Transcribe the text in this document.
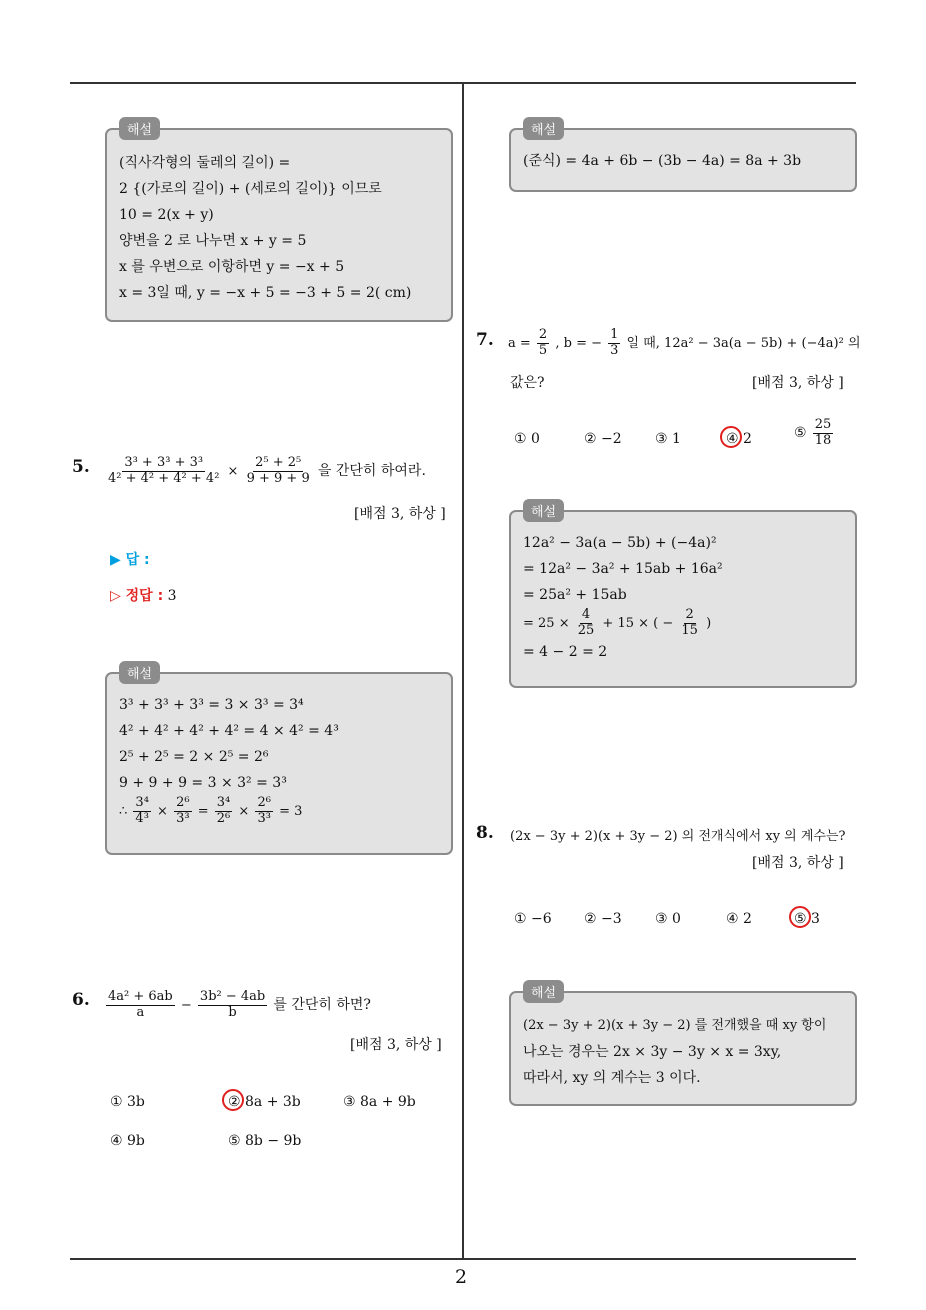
2
해설
(직사각형의 둘레의 길이) =
2 {(가로의 길이) + (세로의 길이)} 이므로
10 = 2(x + y)
양변을 2 로 나누면 x + y = 5
x 를 우변으로 이항하면 y = −x + 5
x = 3일 때, y = −x + 5 = −3 + 5 = 2( cm)
5. $\frac{\text{3³ + 3³ + 3³}}{\text{4² + 4² + 4² + 4²}} \times \frac{\text{2⁵ + 2⁵}}{9 + 9 + 9}$ 을 간단히 하여라.
[배점 3, 하상 ]
▶ 답 :
▷ 정답 : 3
해설
3³ + 3³ + 3³ = 3 × 3³ = 3⁴
4² + 4² + 4² + 4² = 4 × 4² = 4³
2⁵ + 2⁵ = 2 × 2⁵ = 2⁶
9 + 9 + 9 = 3 × 3² = 3³
∴ $\frac{\text{3⁴}}{\text{4³}} \times \frac{\text{2⁶}}{\text{3³}} = \frac{\text{3⁴}}{\text{2⁶}} \times \frac{\text{2⁶}}{\text{3³}} = 3$
6. $\frac{\text{4a² + 6ab}}{a} - \frac{\text{3b² − 4ab}}{b}$ 를 간단히 하면?
[배점 3, 하상 ]
① 3b	② 8a + 3b	③ 8a + 9b
④ 9b	⑤ 8b − 9b
해설
(준식) = 4a + 6b − (3b − 4a) = 8a + 3b
7. $a = \frac{2}{5}$ , b = − $\frac{1}{3}$ 일 때, 12a² − 3a(a − 5b) + (−4a)² 의
값은?	[배점 3, 하상 ]
① 0	② −2 ③ 1	④ 2	⑤ $\frac{25}{18}$
해설
12a² − 3a(a − 5b) + (−4a)²
= 12a² − 3a² + 15ab + 16a²
= 25a² + 15ab
= $25 \times \frac{4}{25} + 15$ × ( − $\frac{2}{15}$ )
= 4 − 2 = 2
8. (2x − 3y + 2)(x + 3y − 2) 의 전개식에서 xy 의 계수는?
[배점 3, 하상 ]
① −6 ② −3 ③ 0	④ 2	⑤ 3
해설
(2x − 3y + 2)(x + 3y − 2) 를 전개했을 때 xy 항이
나오는 경우는 2x × 3y − 3y × x = 3xy,
따라서, xy 의 계수는 3 이다.
